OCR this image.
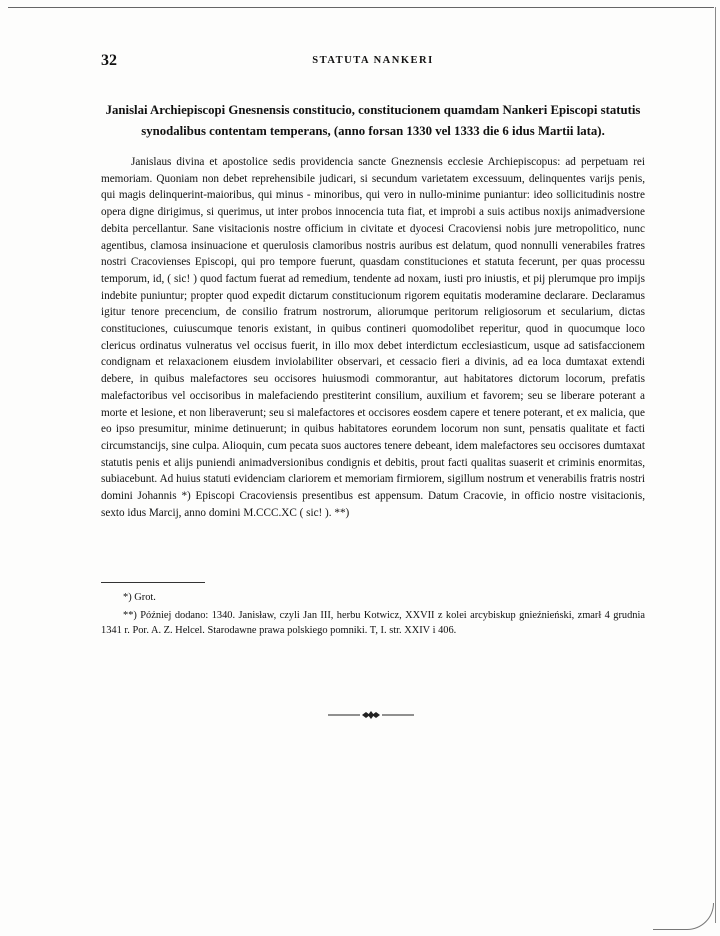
32	STATUTA NANKERI
Janislai Archiepiscopi Gnesnensis constitucio, constitucionem quamdam Nankeri Episcopi statutis synodalibus contentam temperans, (anno forsan 1330 vel 1333 die 6 idus Martii lata).

Janislaus divina et apostolice sedis providencia sancte Gneznensis ecclesie Archiepiscopus: ad perpetuam rei memoriam. Quoniam non debet reprehensibile judicari, si secundum varietatem excessuum, delinquentes varijs penis, qui magis delinquerint-maioribus, qui minus - minoribus, qui vero in nullo-minime puniantur: ideo sollicitudinis nostre opera digne dirigimus, si querimus, ut inter probos innocencia tuta fiat, et improbi a suis actibus noxijs animadversione debita percellantur. Sane visitacionis nostre officium in civitate et dyocesi Cracoviensi nobis jure metropolitico, nunc agentibus, clamosa insinuacione et querulosis clamoribus nostris auribus est delatum, quod nonnulli venerabiles fratres nostri Cracovienses Episcopi, qui pro tempore fuerunt, quasdam constituciones et statuta fecerunt, per quas processu temporum, id, ( sic! ) quod factum fuerat ad remedium, tendente ad noxam, iusti pro iniustis, et pij plerumque pro impijs indebite puniuntur; propter quod expedit dictarum constitucionum rigorem equitatis moderamine declarare. Declaramus igitur tenore precencium, de consilio fratrum nostrorum, aliorumque peritorum religiosorum et secularium, dictas constituciones, cuiuscumque tenoris existant, in quibus contineri quomodolibet reperitur, quod in quocumque loco clericus ordinatus vulneratus vel occisus fuerit, in illo mox debet interdictum ecclesiasticum, usque ad satisfaccionem condignam et relaxacionem eiusdem inviolabiliter observari, et cessacio fieri a divinis, ad ea loca dumtaxat extendi debere, in quibus malefactores seu occisores huiusmodi commorantur, aut habitatores dictorum locorum, prefatis malefactoribus vel occisoribus in malefaciendo prestiterint consilium, auxilium et favorem; seu se liberare poterant a morte et lesione, et non liberaverunt; seu si malefactores et occisores eosdem capere et tenere poterant, et ex malicia, que eo ipso presumitur, minime detinuerunt; in quibus habitatores eorundem locorum non sunt, pensatis qualitate et facti circumstancijs, sine culpa. Alioquin, cum pecata suos auctores tenere debeant, idem malefactores seu occisores dumtaxat statutis penis et alijs puniendi animadversionibus condignis et debitis, prout facti qualitas suaserit et criminis enormitas, subiacebunt. Ad huius statuti evidenciam clariorem et memoriam firmiorem, sigillum nostrum et venerabilis fratris nostri domini Johannis *) Episcopi Cracoviensis presentibus est appensum. Datum Cracovie, in officio nostre visitacionis, sexto idus Marcij, anno domini M.CCC.XC ( sic! ). **)

*) Grot.

**) Później dodano: 1340. Janisław, czyli Jan III, herbu Kotwicz, XXVII z kolei arcybiskup gnieźnieński, zmarł 4 grudnia 1341 r. Por. A. Z. Helcel. Starodawne prawa polskiego pomniki. T, I. str. XXIV i 406.
